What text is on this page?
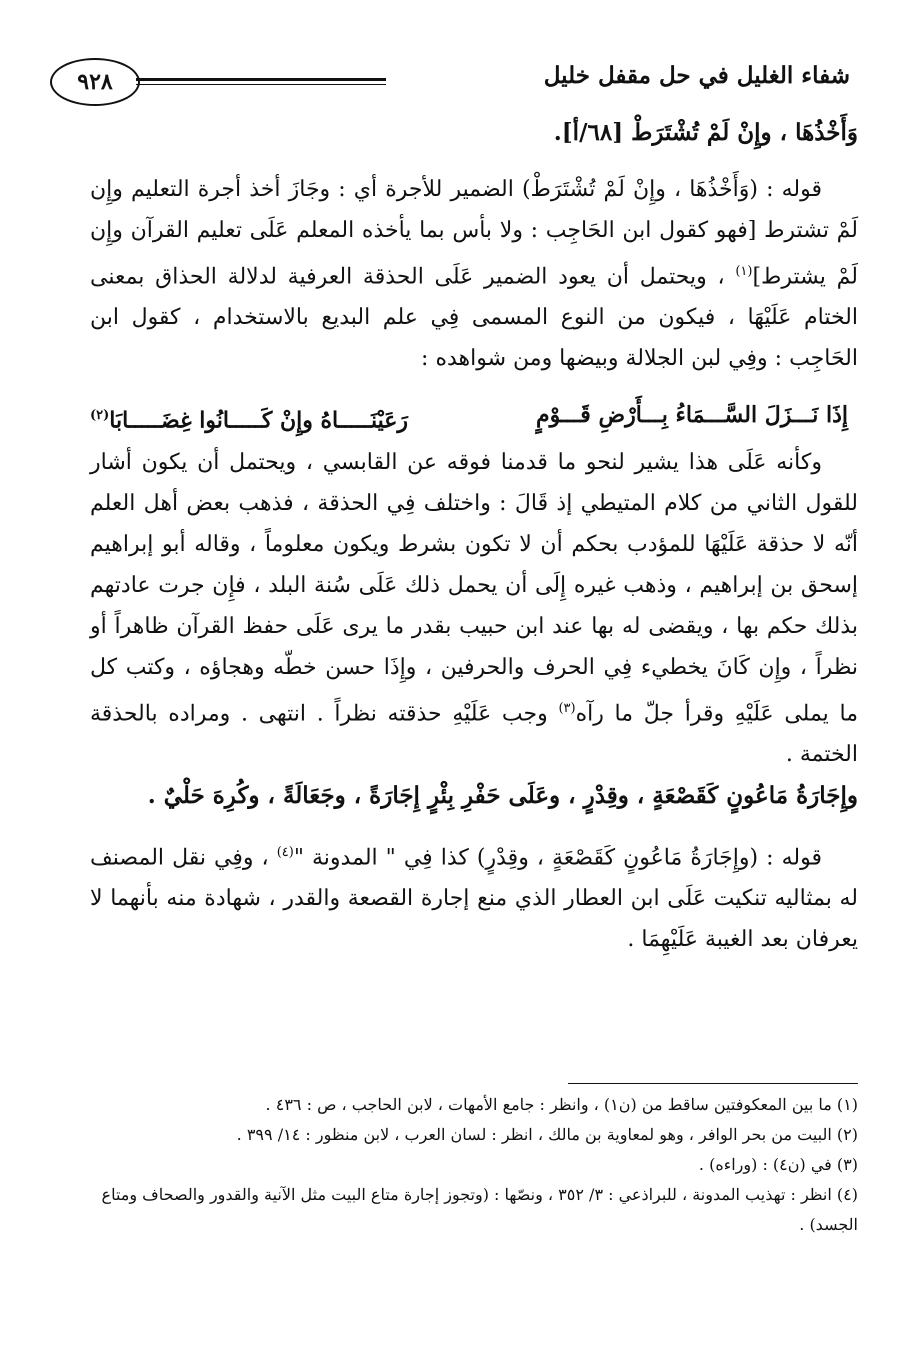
٩٢٨	شفاء الغليل في حل مقفل خليل

وَأَخْذُهَا ، وإِنْ لَمْ تُشْتَرَطْ [٦٨/أ].

قوله : (وَأَخْذُهَا ، وإِنْ لَمْ تُشْتَرَطْ) الضمير للأجرة أي : وجَازَ أخذ أجرة التعليم وإِن لَمْ تشترط [فهو كقول ابن الحَاجِب : ولا بأس بما يأخذه المعلم عَلَى تعليم القرآن وإِن لَمْ يشترط]$^{(١)}$ ، ويحتمل أن يعود الضمير عَلَى الحذقة العرفية لدلالة الحذاق بمعنى الختام عَلَيْهَا ، فيكون من النوع المسمى فِي علم البديع بالاستخدام ، كقول ابن الحَاجِب : وفِي لبن الجلالة وبيضها ومن شواهده :

إِذَا نَـــزَلَ السَّـــمَاءُ بِـــأَرْضِ قَـــوْمٍ
رَعَيْنَـــــاهُ وإِنْ كَـــــانُوا غِضَـــــابَا$^{(٢)}$

وكأنه عَلَى هذا يشير لنحو ما قدمنا فوقه عن القابسي ، ويحتمل أن يكون أشار للقول الثاني من كلام المتيطي إذ قَالَ : واختلف فِي الحذقة ، فذهب بعض أهل العلم أنّه لا حذقة عَلَيْهَا للمؤدب بحكم أن لا تكون بشرط ويكون معلوماً ، وقاله أبو إبراهيم إسحق بن إبراهيم ، وذهب غيره إِلَى أن يحمل ذلك عَلَى سُنة البلد ، فإِن جرت عادتهم بذلك حكم بها ، ويقضى له بها عند ابن حبيب بقدر ما يرى عَلَى حفظ القرآن ظاهراً أو نظراً ، وإِن كَانَ يخطيء فِي الحرف والحرفين ، وإِذَا حسن خطّه وهجاؤه ، وكتب كل ما يملى عَلَيْهِ وقرأ جلّ ما رآه$^{(٣)}$ وجب عَلَيْهِ حذقته نظراً . انتهى . ومراده بالحذقة الختمة .

وإِجَارَةُ مَاعُونٍ كَقَصْعَةٍ ، وقِدْرٍ ، وعَلَى حَفْرِ بِئْرٍ إِجَارَةً ، وجَعَالَةً ، وكُرِهَ حَلْيٌ .

قوله : (وإِجَارَةُ مَاعُونٍ كَقَصْعَةٍ ، وقِدْرٍ) كذا فِي " المدونة "$^{(٤)}$ ، وفِي نقل المصنف له بمثاليه تنكيت عَلَى ابن العطار الذي منع إجارة القصعة والقدر ، شهادة منه بأنهما لا يعرفان بعد الغيبة عَلَيْهِمَا .

(١) ما بين المعكوفتين ساقط من (ن١) ، وانظر : جامع الأمهات ، لابن الحاجب ، ص : ٤٣٦ .

(٢) البيت من بحر الوافر ، وهو لمعاوية بن مالك ، انظر : لسان العرب ، لابن منظور : ١٤/ ٣٩٩ .

(٣) في (ن٤) : (وراءه) .

(٤) انظر : تهذيب المدونة ، للبراذعي : ٣/ ٣٥٢ ، ونصّها : (وتجوز إجارة متاع البيت مثل الآنية والقدور والصحاف ومتاع الجسد) .
